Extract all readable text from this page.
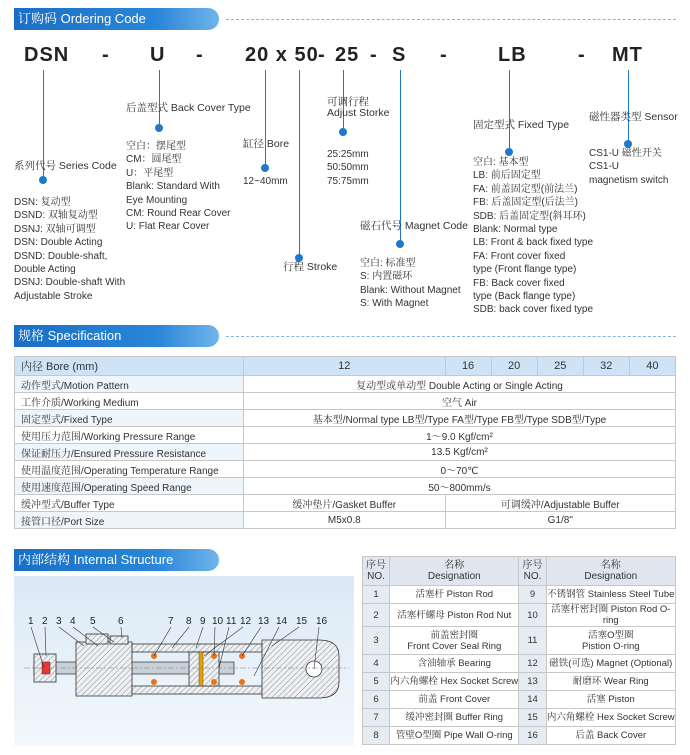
订购码 Ordering Code
DSN - U - 20 x 50 - 25 - S -	LB	- MT
系列代号 Series Code
DSN: 复动型
DSND: 双轴复动型
DSNJ: 双轴可调型
DSN: Double Acting
DSND: Double-shaft,
Double Acting
DSNJ: Double-shaft With
Adjustable Stroke
后盖型式 Back Cover Type
空白：摆尾型
CM：圆尾型
U：平尾型
Blank: Standard With
Eye Mounting
CM: Round Rear Cover
U: Flat Rear Cover
缸径 Bore
12~40mm
行程 Stroke
可调行程
Adjust Storke
25:25mm
50:50mm
75:75mm
磁石代号 Magnet Code
空白: 标准型
S: 内置磁环
Blank: Without Magnet
S: With Magnet
固定型式 Fixed Type
空白: 基本型
LB: 前后固定型
FA: 前盖固定型(前法兰)
FB: 后盖固定型(后法兰)
SDB: 后盖固定型(斜耳环)
Blank: Normal type
LB: Front & back fixed type
FA: Front cover fixed
type (Front flange type)
FB: Back cover fixed
type (Back flange type)
SDB: back cover fixed type
磁性器类型 Sensor
CS1-U 磁性开关
CS1-U
magnetism switch
规格 Specification
内径 Bore (mm)	12	16	20	25	32	40
动作型式/Motion Pattern	复动型或单动型 Double Acting or Single Acting					
工作介质/Working Medium	空气 Air					
固定型式/Fixed Type	基本型/Normal type LB型/Type FA型/Type FB型/Type SDB型/Type					
使用压力范围/Working Pressure Range	1～9.0 Kgf/cm²					
保证耐压力/Ensured Pressure Resistance	13.5 Kgf/cm²					
使用温度范围/Operating Temperature Range	0～70℃					
使用速度范围/Operating Speed Range	50～800mm/s					
缓冲型式/Buffer Type	缓冲垫片/Gasket Buffer	可调缓冲/Adjustable Buffer				
接管口径/Port Size	M5x0.8	G1/8"				
内部结构 Internal Structure
1 2 3 4 5 6	7 8 9 10 11 12 13 14 15 16
序号
NO.	名称
Designation	序号
NO.	名称
Designation
1	活塞杆 Piston Rod	9	不锈钢管 Stainless Steel Tube
2	活塞杆螺母 Piston Rod Nut	10	活塞杆密封圈 Piston Rod O-ring
3	前盖密封圈
Front Cover Seal Ring	11	活塞O型圈
Pistion O-ring
4	含油轴承 Bearing	12	磁铁(可选) Magnet (Optional)
5	内六角螺栓 Hex Socket Screw	13	耐磨环 Wear Ring
6	前盖 Front Cover	14	活塞 Piston
7	缓冲密封圈 Buffer Ring	15	内六角螺栓 Hex Socket Screw
8	管壁O型圈 Pipe Wall O-ring	16	后盖 Back Cover
